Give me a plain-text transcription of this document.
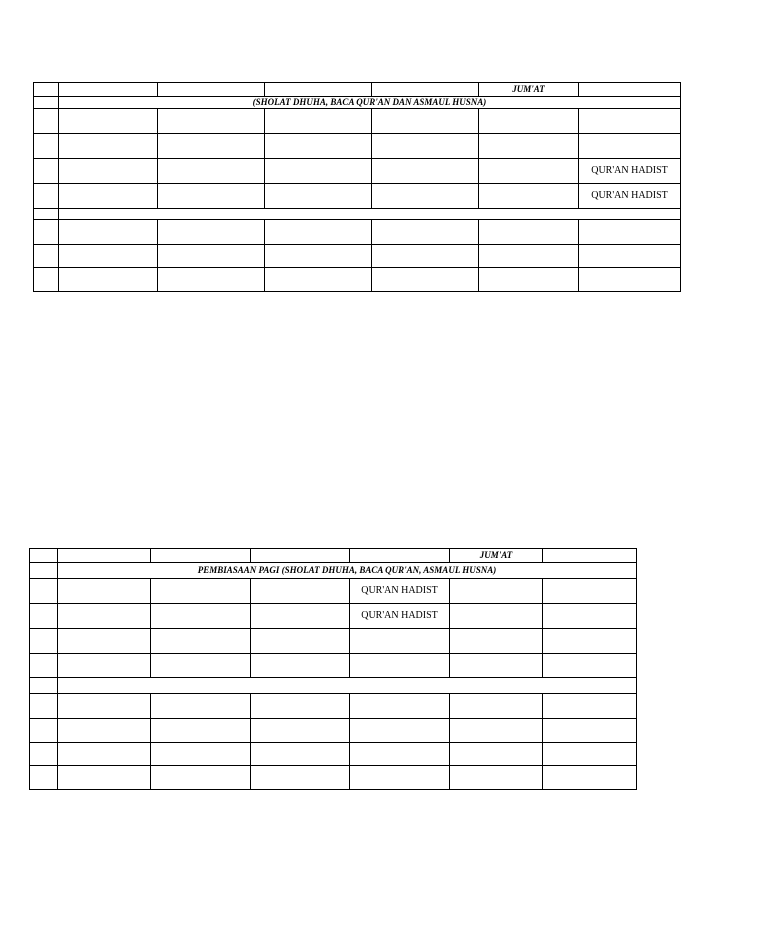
					JUM'AT	
	(SHOLAT DHUHA, BACA QUR'AN DAN ASMAUL HUSNA)					

						QUR'AN HADIST
						QUR'AN HADIST

					JUM'AT	
	PEMBIASAAN PAGI (SHOLAT DHUHA, BACA QUR'AN, ASMAUL HUSNA)					
				QUR'AN HADIST		
				QUR'AN HADIST		
